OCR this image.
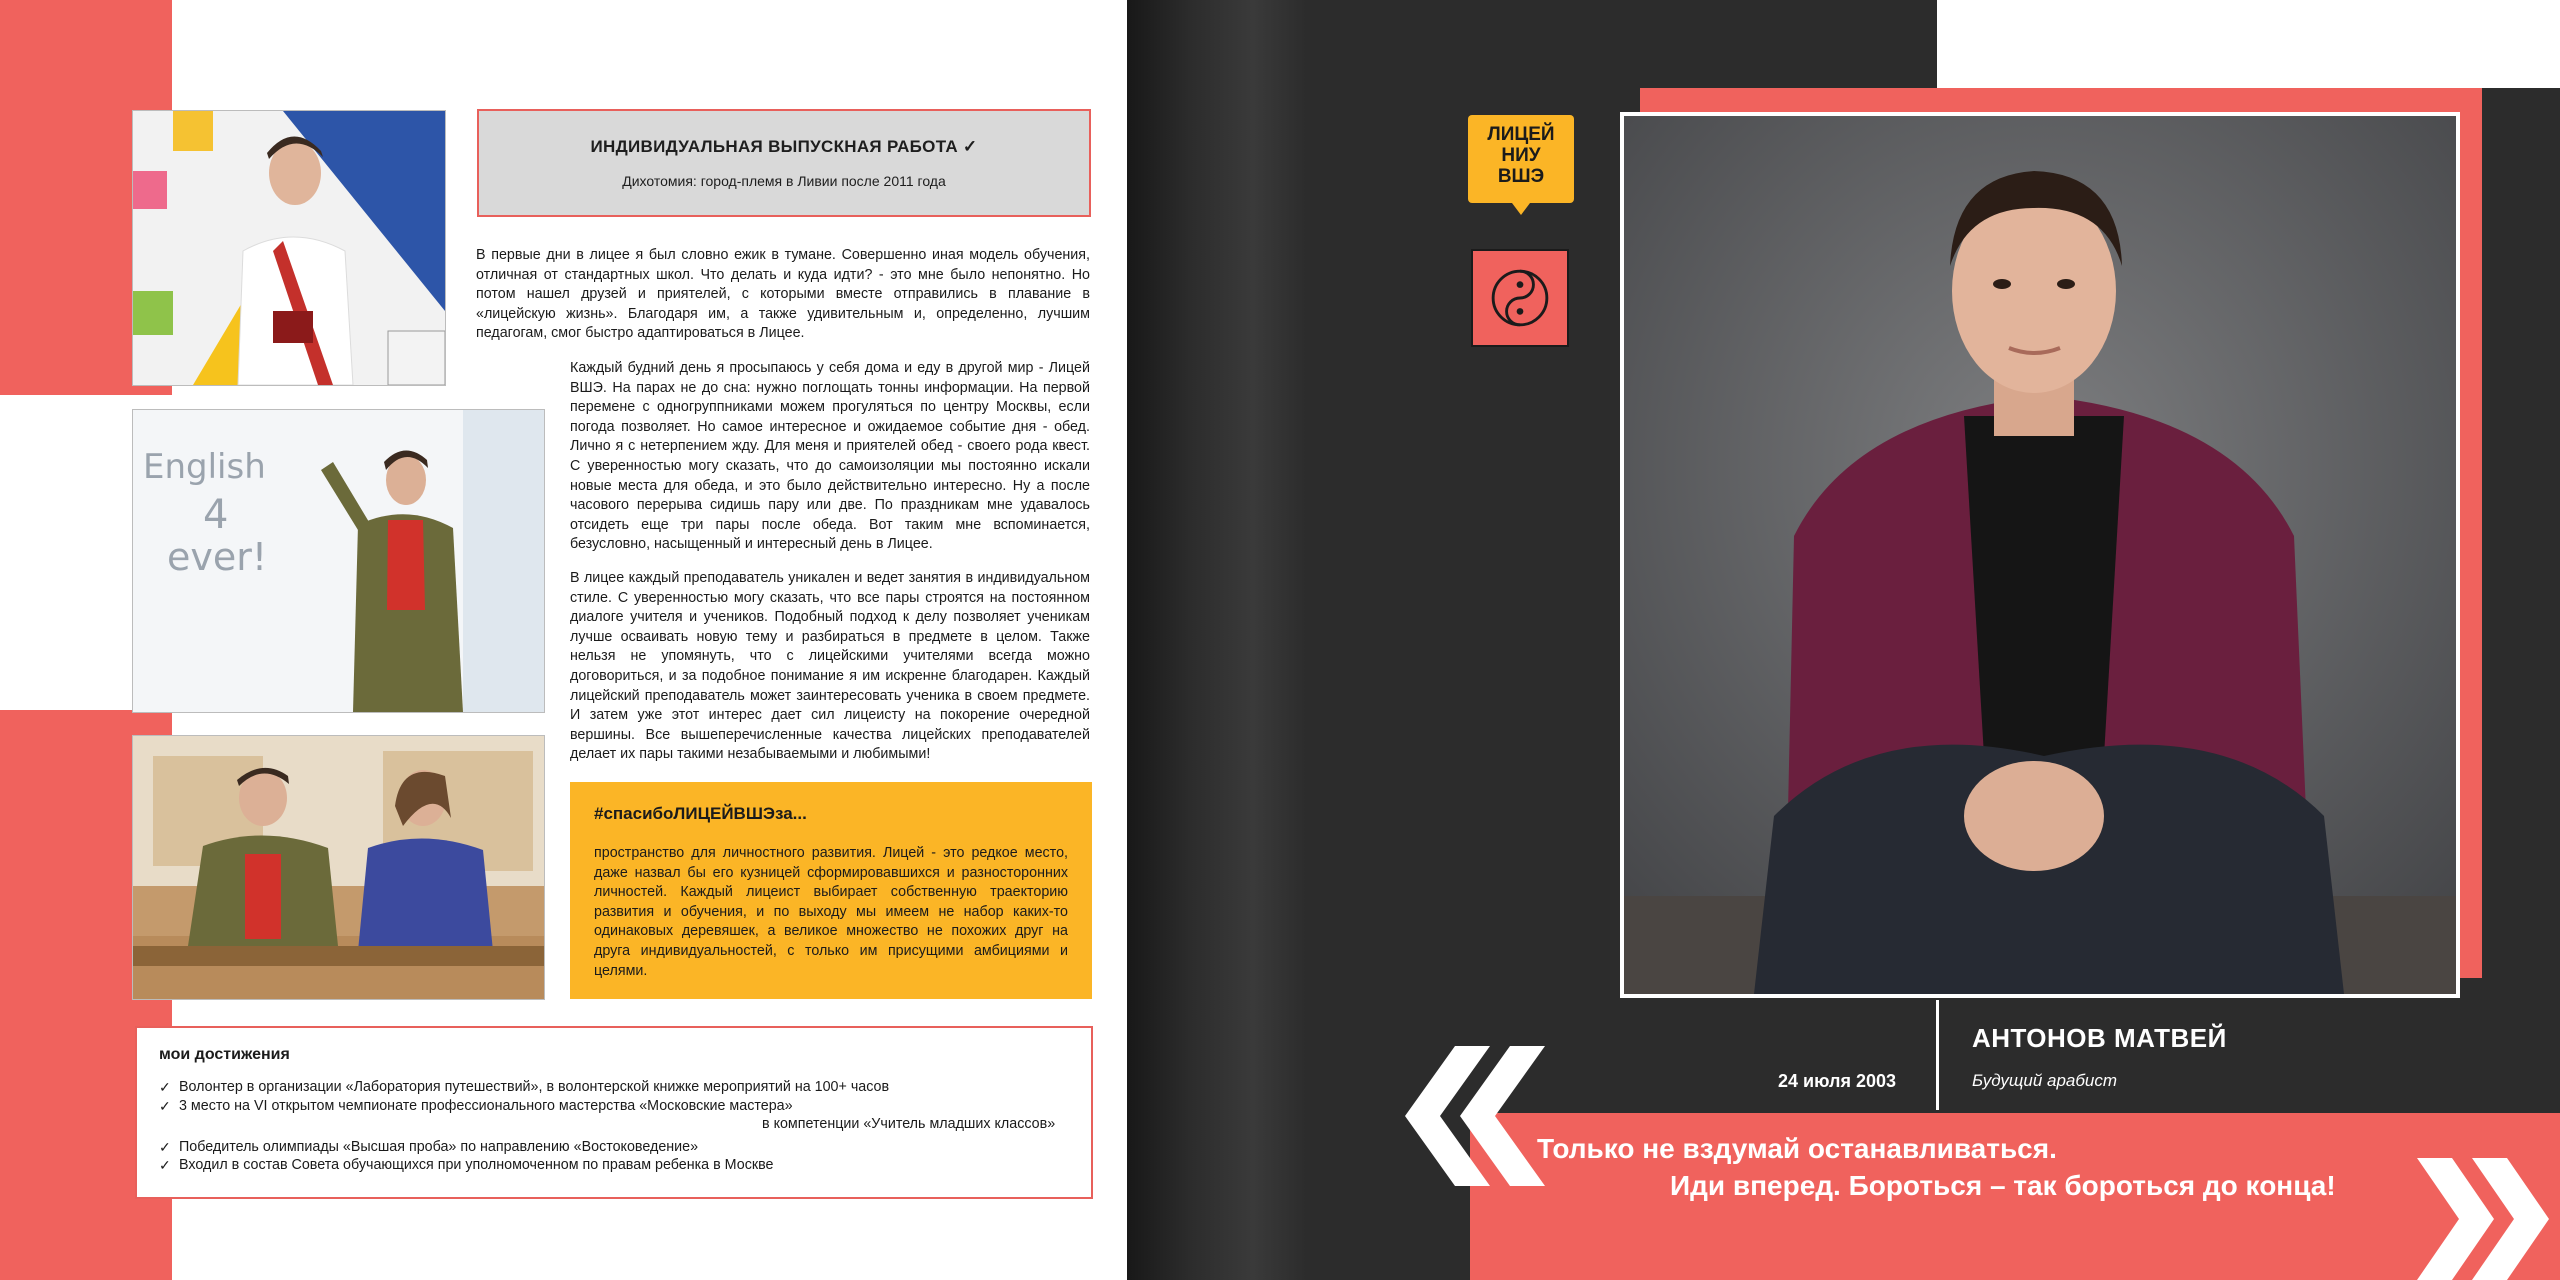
English
4
ever!
ИНДИВИДУАЛЬНАЯ ВЫПУСКНАЯ РАБОТА ✓
Дихотомия: город-племя в Ливии после 2011 года
В первые дни в лицее я был словно ежик в тумане. Совершенно иная модель обучения, отличная от стандартных школ. Что делать и куда идти? - это мне было непонятно. Но потом нашел друзей и приятелей, с которыми вместе отправились в плавание в «лицейскую жизнь». Благодаря им, а также удивительным и, определенно, лучшим педагогам, смог быстро адаптироваться в Лицее.
Каждый будний день я просыпаюсь у себя дома и еду в другой мир - Лицей ВШЭ. На парах не до сна: нужно поглощать тонны информации. На первой перемене с одногруппниками можем прогуляться по центру Москвы, если погода позволяет. Но самое интересное и ожидаемое событие дня - обед. Лично я с нетерпением жду. Для меня и приятелей обед - своего рода квест. С уверенностью могу сказать, что до самоизоляции мы постоянно искали новые места для обеда, и это было действительно интересно. Ну а после часового перерыва сидишь пару или две. По праздникам мне удавалось отсидеть еще три пары после обеда. Вот таким мне вспоминается, безусловно, насыщенный и интересный день в Лицее.
В лицее каждый преподаватель уникален и ведет занятия в индивидуальном стиле. С уверенностью могу сказать, что все пары строятся на постоянном диалоге учителя и учеников. Подобный подход к делу позволяет ученикам лучше осваивать новую тему и разбираться в предмете в целом. Также нельзя не упомянуть, что с лицейскими учителями всегда можно договориться, и за подобное понимание я им искренне благодарен. Каждый лицейский преподаватель может заинтересовать ученика в своем предмете. И затем уже этот интерес дает сил лицеисту на покорение очередной вершины. Все вышеперечисленные качества лицейских преподавателей делает их пары такими незабываемыми и любимыми!
#спасибоЛИЦЕЙВШЭза...
пространство для личностного развития. Лицей - это редкое место, даже назвал бы его кузницей сформировавшихся и разносторонних личностей. Каждый лицеист выбирает собственную траекторию развития и обучения, и по выходу мы имеем не набор каких-то одинаковых деревяшек, а великое множество не похожих друг на друга индивидуальностей, с только им присущими амбициями и целями.
мои достижения
✓ Волонтер в организации «Лаборатория путешествий», в волонтерской книжке мероприятий на 100+ часов
✓ 3 место на VI открытом чемпионате профессионального мастерства «Московские мастера»
в компетенции «Учитель младших классов»
✓ Победитель олимпиады «Высшая проба» по направлению «Востоковедение»
✓ Входил в состав Совета обучающихся при уполномоченном по правам ребенка в Москве
ЛИЦЕЙ
НИУ
ВШЭ
АНТОНОВ МАТВЕЙ
Будущий арабист
24 июля 2003
Только не вздумай останавливаться.
Иди вперед. Бороться – так бороться до конца!
